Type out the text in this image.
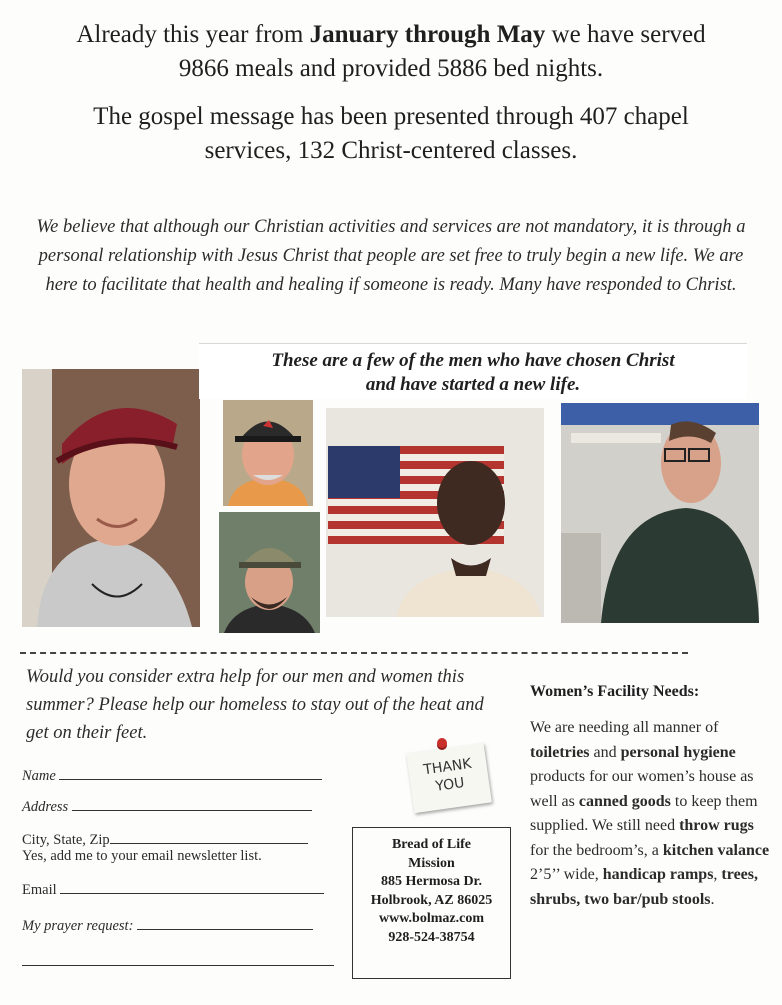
Already this year from January through May we have served
9866 meals and provided 5886 bed nights.
The gospel message has been presented through 407 chapel
services, 132 Christ-centered classes.
We believe that although our Christian activities and services are not mandatory, it is through a personal relationship with Jesus Christ that people are set free to truly begin a new life. We are here to facilitate that health and healing if someone is ready. Many have responded to Christ.
These are a few of the men who have chosen Christ
and have started a new life.
Would you consider extra help for our men and women this summer? Please help our homeless to stay out of the heat and get on their feet.
Name
Address
City, State, Zip
Yes, add me to your email newsletter list.
Email
My prayer request:
THANK
YOU
Bread of Life
Mission
885 Hermosa Dr.
Holbrook, AZ 86025
www.bolmaz.com
928-524-38754
Women’s Facility Needs:
We are needing all manner of toiletries and personal hygiene products for our women’s house as well as canned goods to keep them supplied. We still need throw rugs for the bedroom’s, a kitchen valance 2’5’’ wide, handicap ramps, trees, shrubs, two bar/pub stools.
